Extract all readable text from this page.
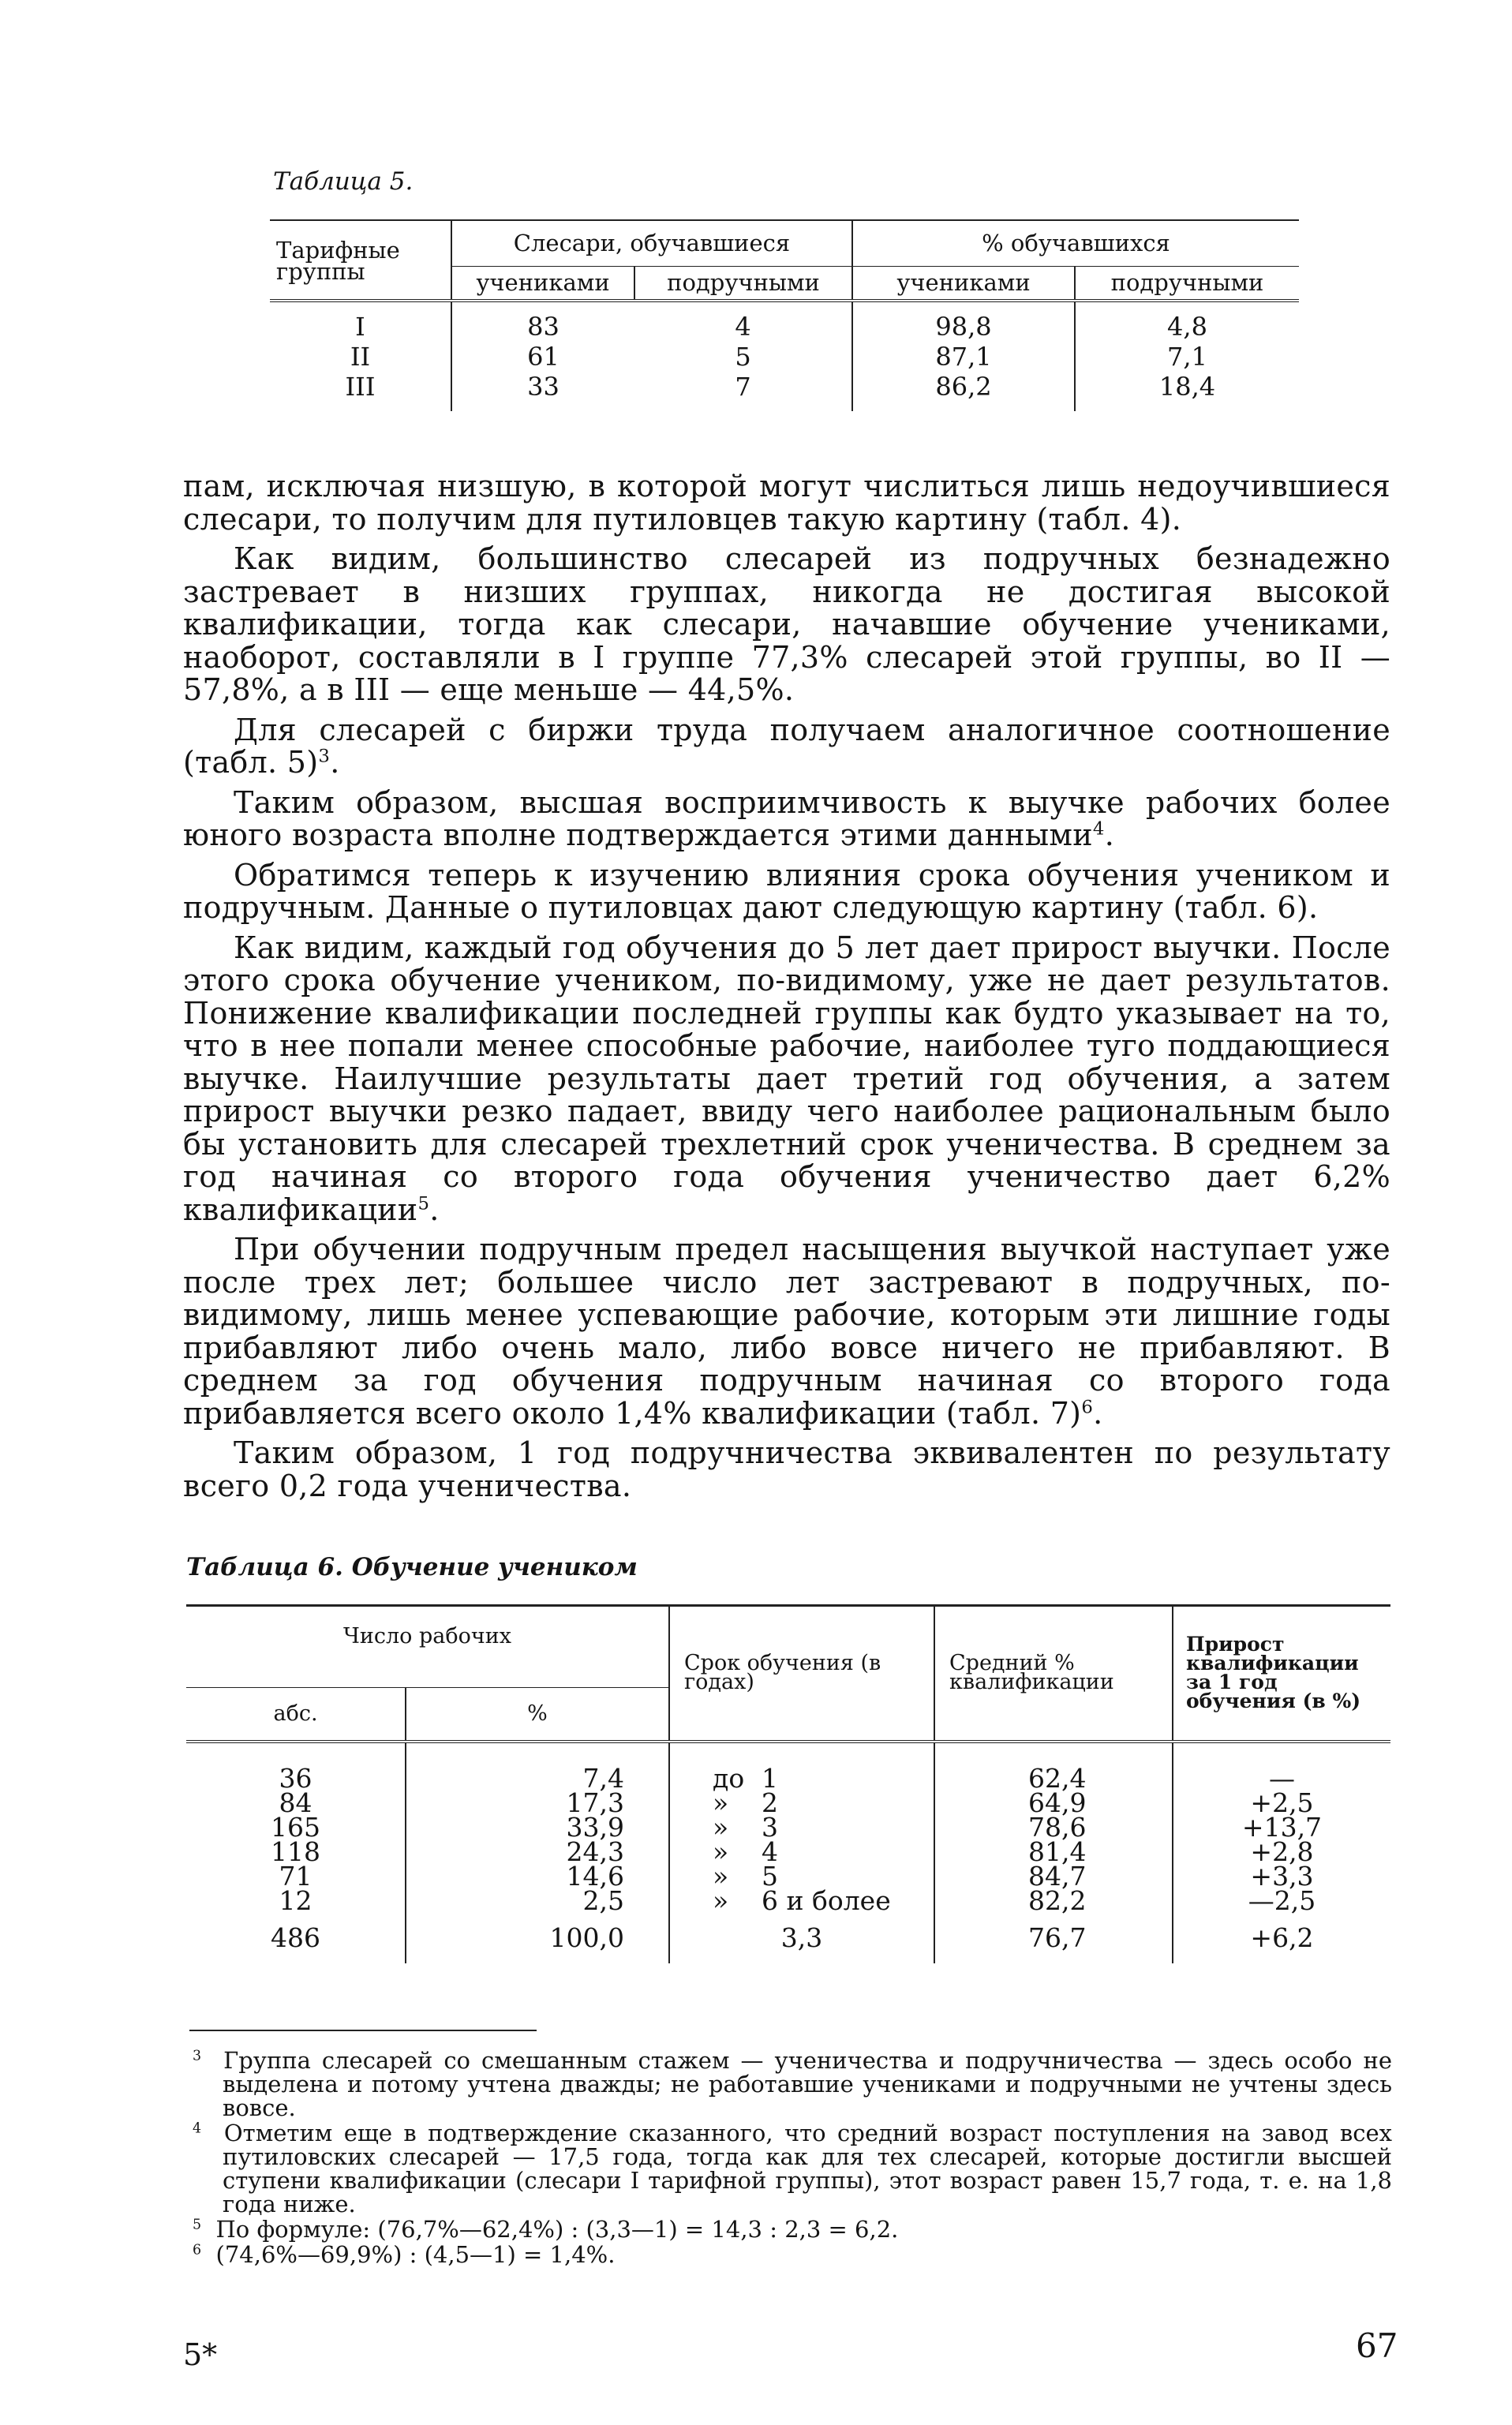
Таблица 5.
Тарифные группы	Слесари, обучавшиеся		% обучавшихся	
	учениками	подручными	учениками	подручными
I	83	4	98,8	4,8
II	61	5	87,1	7,1
III	33	7	86,2	18,4

пам, исключая низшую, в которой могут числиться лишь недоучившиеся слесари, то получим для путиловцев такую картину (табл. 4).

Как видим, большинство слесарей из подручных безнадежно застревает в низших группах, никогда не достигая высокой квалификации, тогда как слесари, начавшие обучение учениками, наоборот, составляли в I группе 77,3% слесарей этой группы, во II — 57,8%, а в III — еще меньше — 44,5%.

Для слесарей с биржи труда получаем аналогичное соотношение (табл. 5)$^3$.

Таким образом, высшая восприимчивость к выучке рабочих более юного возраста вполне подтверждается этими данными$^4$.

Обратимся теперь к изучению влияния срока обучения учеником и подручным. Данные о путиловцах дают следующую картину (табл. 6).

Как видим, каждый год обучения до 5 лет дает прирост выучки. После этого срока обучение учеником, по-видимому, уже не дает результатов. Понижение квалификации последней группы как будто указывает на то, что в нее попали менее способные рабочие, наиболее туго поддающиеся выучке. Наилучшие результаты дает третий год обучения, а затем прирост выучки резко падает, ввиду чего наиболее рациональным было бы установить для слесарей трехлетний срок ученичества. В среднем за год начиная со второго года обучения ученичество дает 6,2% квалификации$^5$.

При обучении подручным предел насыщения выучкой наступает уже после трех лет; большее число лет застревают в подручных, по-видимому, лишь менее успевающие рабочие, которым эти лишние годы прибавляют либо очень мало, либо вовсе ничего не прибавляют. В среднем за год обучения подручным начиная со второго года прибавляется всего около 1,4% квалификации (табл. 7)$^6$.

Таким образом, 1 год подручничества эквивалентен по результату всего 0,2 года ученичества.

Таблица 6. Обучение учеником
Число рабочих		Срок обучения (в годах)	Средний % квалификации	Прирост квалификации за 1 год обучения (в %)
абс.	%			
36	7,4	до 1	62,4	—
84	17,3	» 2	64,9	+2,5
165	33,9	» 3	78,6	+13,7
118	24,3	» 4	81,4	+2,8
71	14,6	» 5	84,7	+3,3
12	2,5	» 6 и более	82,2	—2,5
486	100,0	3,3	76,7	+6,2

$^3$ Группа слесарей со смешанным стажем — ученичества и подручничества — здесь особо не выделена и потому учтена дважды; не работавшие учениками и подручными не учтены здесь вовсе.

$^4$ Отметим еще в подтверждение сказанного, что средний возраст поступления на завод всех путиловских слесарей — 17,5 года, тогда как для тех слесарей, которые достигли высшей ступени квалификации (слесари I тарифной группы), этот возраст равен 15,7 года, т. е. на 1,8 года ниже.

$^5$ По формуле: (76,7%—62,4%) : (3,3—1) = 14,3 : 2,3 = 6,2.

$^6$ (74,6%—69,9%) : (4,5—1) = 1,4%.

5*	67
